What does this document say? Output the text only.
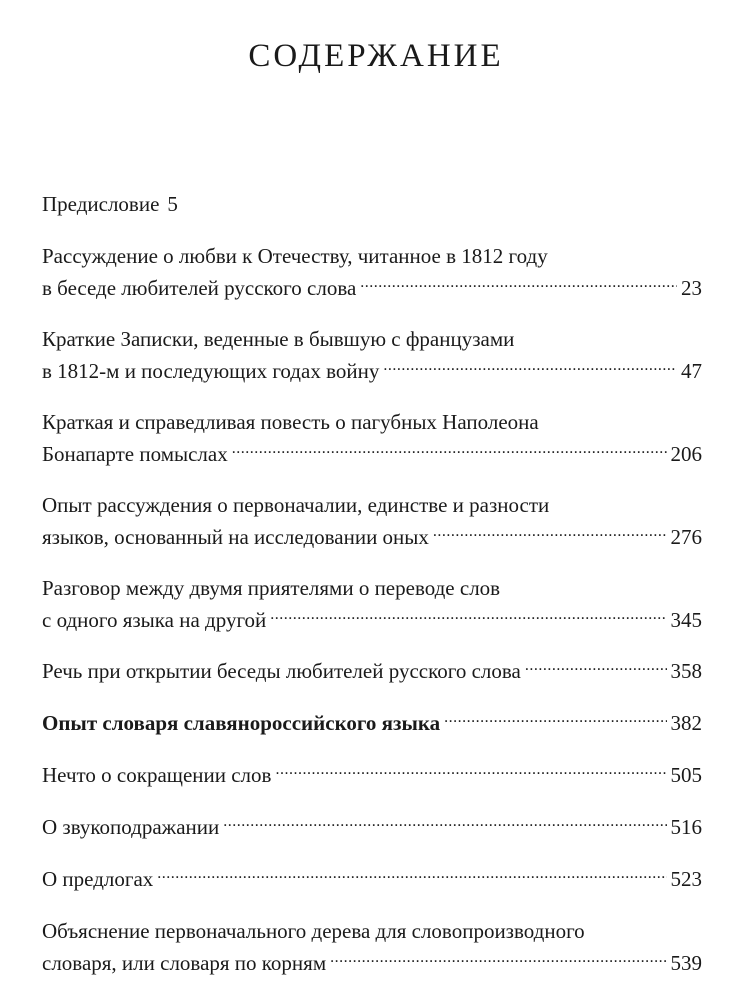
СОДЕРЖАНИЕ
Предисловие 5
Рассуждение о любви к Отечеству, читанное в 1812 году
в беседе любителей русского слова .....	23
Краткие Записки, веденные в бывшую с французами
в 1812-м и последующих годах войну .....	47
Краткая и справедливая повесть о пагубных Наполеона
Бонапарте помыслах .....	206
Опыт рассуждения о первоначалии, единстве и разности
языков, основанный на исследовании оных .....	276
Разговор между двумя приятелями о переводе слов
с одного языка на другой .....	345
Речь при открытии беседы любителей русского слова .....	358
Опыт словаря славянороссийского языка .....	382
Нечто о сокращении слов .....	505
О звукоподражании .....	516
О предлогах .....	523
Объяснение первоначального дерева для словопроизводного
словаря, или словаря по корням .....	539
